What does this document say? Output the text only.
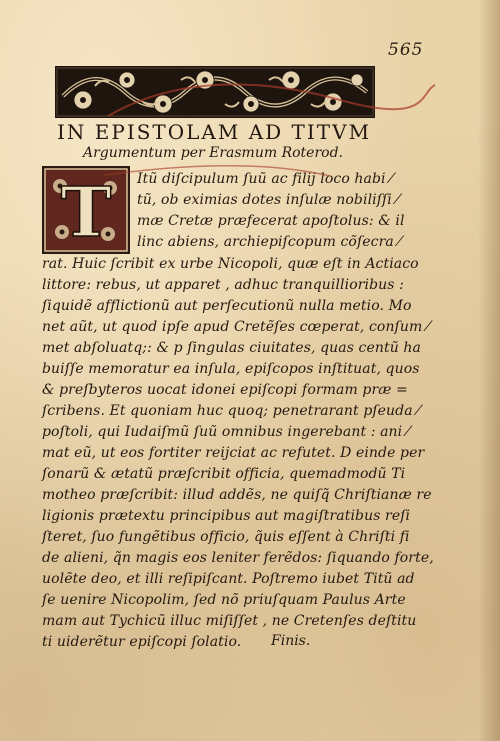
565
IN EPISTOLAM AD TITVM
Argumentum per Erasmum Roterod.
T Itũ diſcipulum ſuũ ac filij loco habi ⁄
tũ, ob eximias dotes inſulæ nobiliſſi ⁄
mæ Cretæ præfecerat apoſtolus: & il
linc abiens, archiepiſcopum cõſecra ⁄
rat. Huic ſcribit ex urbe Nicopoli, quæ eſt in Actiaco
littore: rebus, ut apparet , adhuc tranquillioribus :
ſiquidẽ afflictionũ aut perſecutionũ nulla metio. Mo
net aũt, ut quod ipſe apud Cretẽſes cœperat, conſum ⁄
met abſoluatq;: & p ſingulas ciuitates, quas centũ ha
buiſſe memoratur ea inſula, epiſcopos inſtituat, quos
& preſbyteros uocat idonei epiſcopi formam præ =
ſcribens. Et quoniam huc quoq; penetrarant pſeuda ⁄
poſtoli, qui Iudaiſmũ ſuũ omnibus ingerebant : ani ⁄
mat eũ, ut eos fortiter reijciat ac refutet. D einde per
ſonarũ & ætatũ præſcribit officia, quemadmodũ Ti
motheo præſcribit: illud addẽs, ne quiſq̃ Chriſtianæ re
ligionis prætextu principibus aut magiſtratibus reſi
ſteret, ſuo fungẽtibus officio, q̃uis eſſent à Chriſti fi
de alieni, q̃n magis eos leniter ferẽdos: ſiquando forte,
uolẽte deo, et illi reſipiſcant. Poſtremo iubet Titũ ad
ſe uenire Nicopolim, ſed nõ priuſquam Paulus Arte
mam aut Tychicũ illuc miſiſſet , ne Cretenſes deſtitu
ti uiderẽtur epiſcopi ſolatio. Finis.
